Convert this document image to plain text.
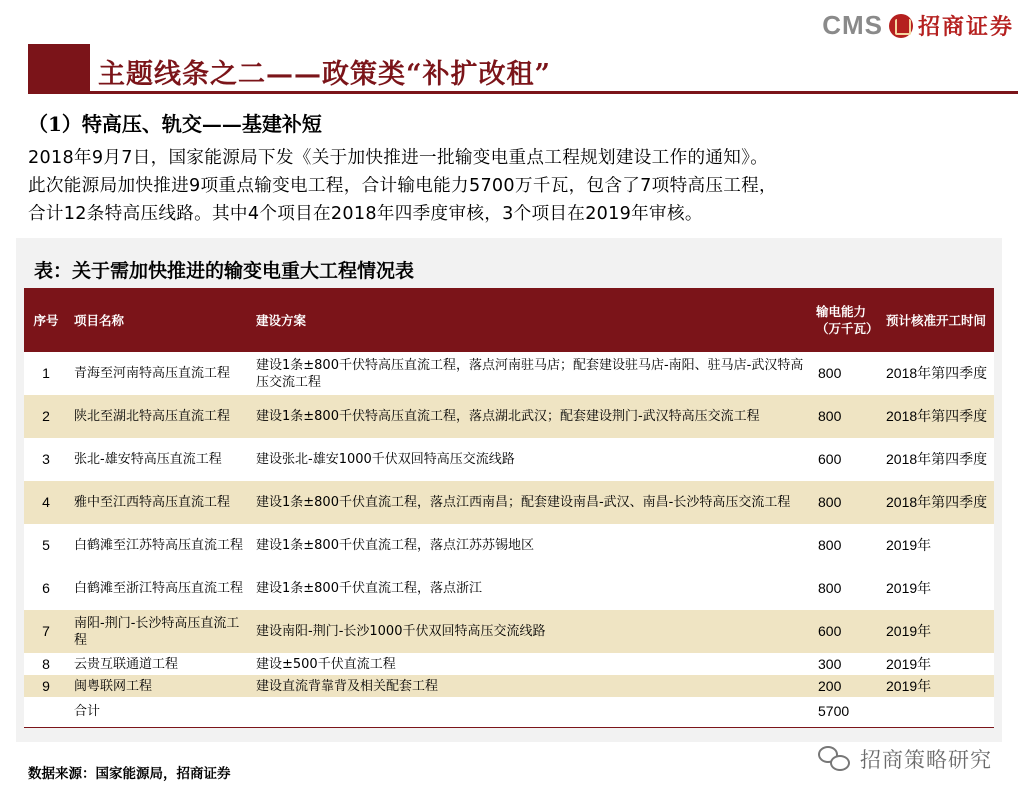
CMS 招商证券
主题线条之二——政策类“补扩改租”
（1）特高压、轨交——基建补短

2018年9月7日，国家能源局下发《关于加快推进一批输变电重点工程规划建设工作的通知》。

此次能源局加快推进9项重点输变电工程，合计输电能力5700万千瓦，包含了7项特高压工程，

合计12条特高压线路。其中4个项目在2018年四季度审核，3个项目在2019年审核。

表：关于需加快推进的输变电重大工程情况表
序号	项目名称	建设方案	输电能力（万千瓦）	预计核准开工时间
1	青海至河南特高压直流工程	建设1条±800千伏特高压直流工程，落点河南驻马店；配套建设驻马店-南阳、驻马店-武汉特高压交流工程	800	2018年第四季度
2	陕北至湖北特高压直流工程	建设1条±800千伏特高压直流工程，落点湖北武汉；配套建设荆门-武汉特高压交流工程	800	2018年第四季度
3	张北-雄安特高压直流工程	建设张北-雄安1000千伏双回特高压交流线路	600	2018年第四季度
4	雅中至江西特高压直流工程	建设1条±800千伏直流工程，落点江西南昌；配套建设南昌-武汉、南昌-长沙特高压交流工程	800	2018年第四季度
5	白鹤滩至江苏特高压直流工程	建设1条±800千伏直流工程，落点江苏苏锡地区	800	2019年
6	白鹤滩至浙江特高压直流工程	建设1条±800千伏直流工程，落点浙江	800	2019年
7	南阳-荆门-长沙特高压直流工程	建设南阳-荆门-长沙1000千伏双回特高压交流线路	600	2019年
8	云贵互联通道工程	建设±500千伏直流工程	300	2019年
9	闽粤联网工程	建设直流背靠背及相关配套工程	200	2019年
	合计		5700	
数据来源：国家能源局，招商证券
招商策略研究
